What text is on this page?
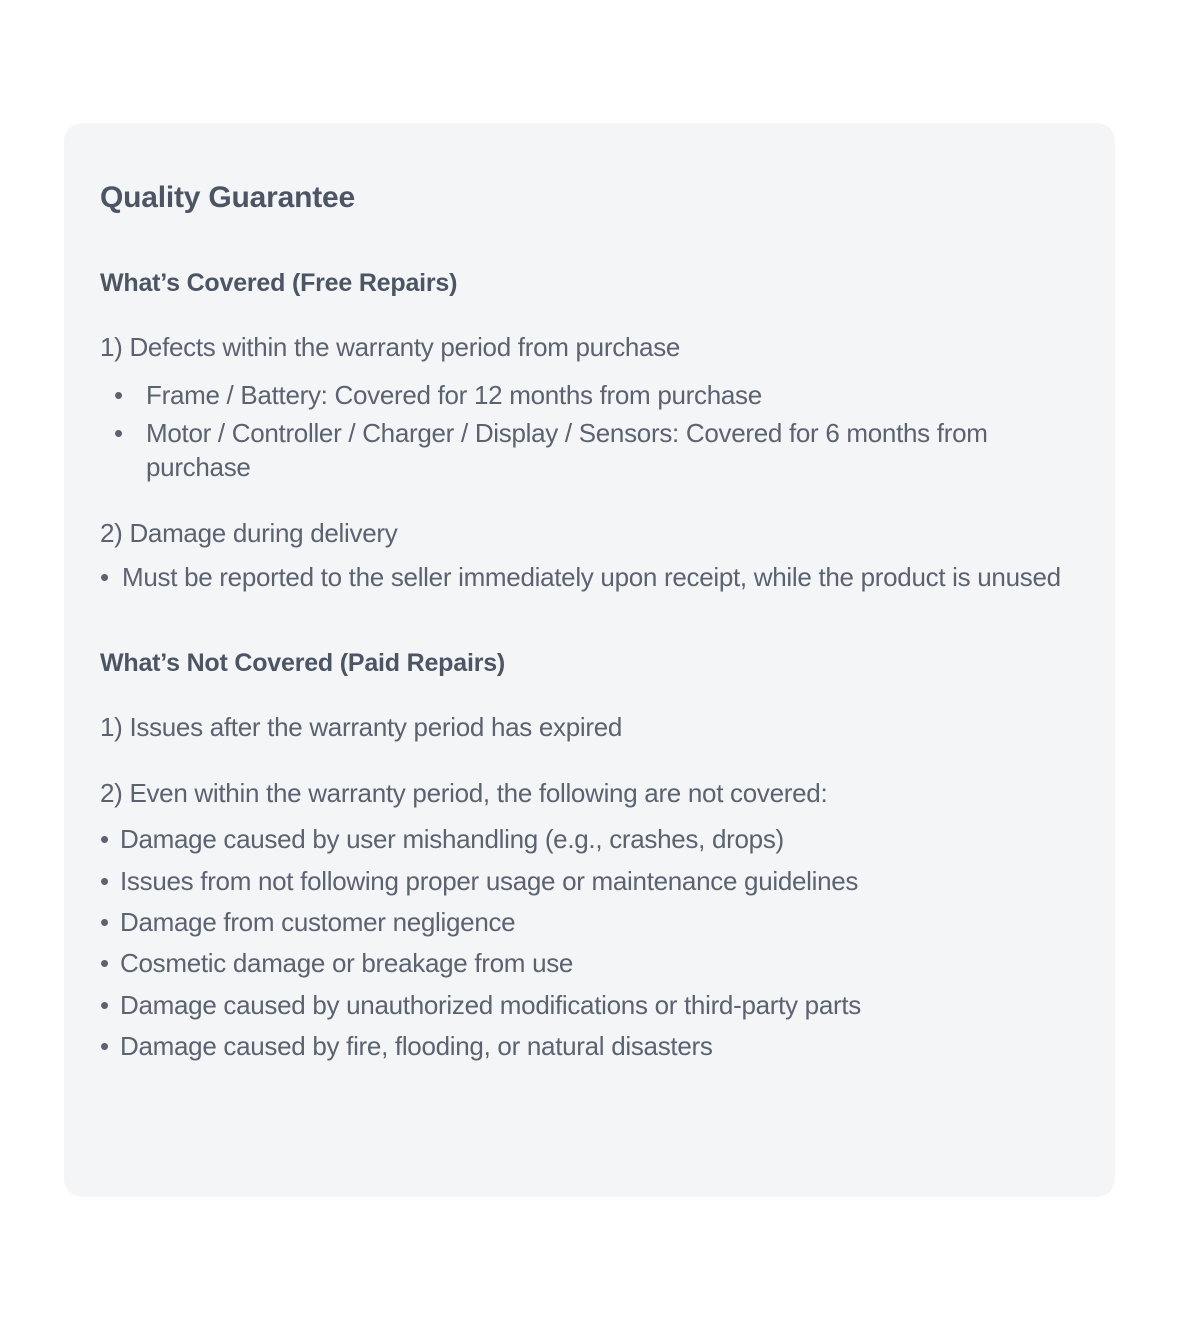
Quality Guarantee
What’s Covered (Free Repairs)

1) Defects within the warranty period from purchase

• Frame / Battery: Covered for 12 months from purchase
• Motor / Controller / Charger / Display / Sensors: Covered for 6 months from purchase

2) Damage during delivery

• Must be reported to the seller immediately upon receipt, while the product is unused
What’s Not Covered (Paid Repairs)

1) Issues after the warranty period has expired

2) Even within the warranty period, the following are not covered:

• Damage caused by user mishandling (e.g., crashes, drops)
• Issues from not following proper usage or maintenance guidelines
• Damage from customer negligence
• Cosmetic damage or breakage from use
• Damage caused by unauthorized modifications or third-party parts
• Damage caused by fire, flooding, or natural disasters
